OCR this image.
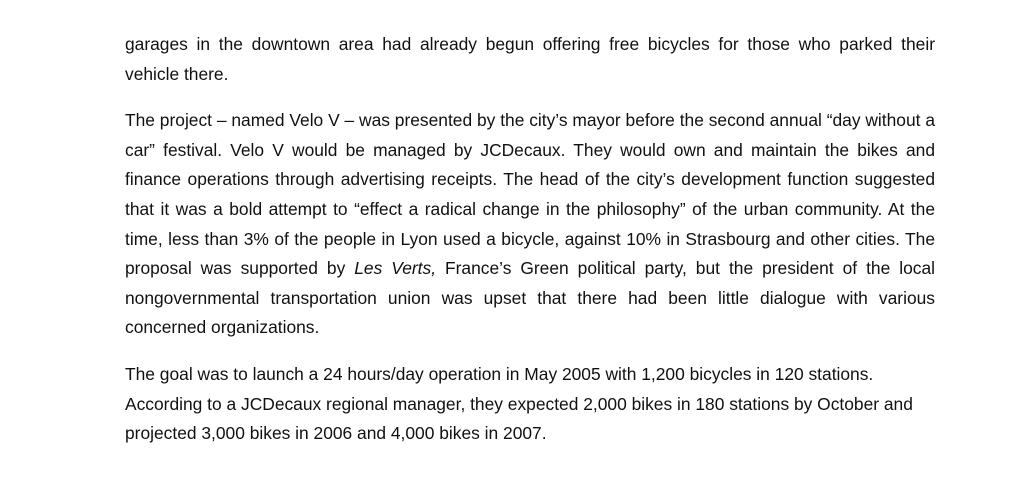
garages in the downtown area had already begun offering free bicycles for those who parked their vehicle there.

The project – named Velo V – was presented by the city’s mayor before the second annual “day without a car” festival. Velo V would be managed by JCDecaux. They would own and maintain the bikes and finance operations through advertising receipts. The head of the city’s development function suggested that it was a bold attempt to “effect a radical change in the philosophy” of the urban community. At the time, less than 3% of the people in Lyon used a bicycle, against 10% in Strasbourg and other cities. The proposal was supported by Les Verts, France’s Green political party, but the president of the local nongovernmental transportation union was upset that there had been little dialogue with various concerned organizations.

The goal was to launch a 24 hours/day operation in May 2005 with 1,200 bicycles in 120 stations. According to a JCDecaux regional manager, they expected 2,000 bikes in 180 stations by October and projected 3,000 bikes in 2006 and 4,000 bikes in 2007.
